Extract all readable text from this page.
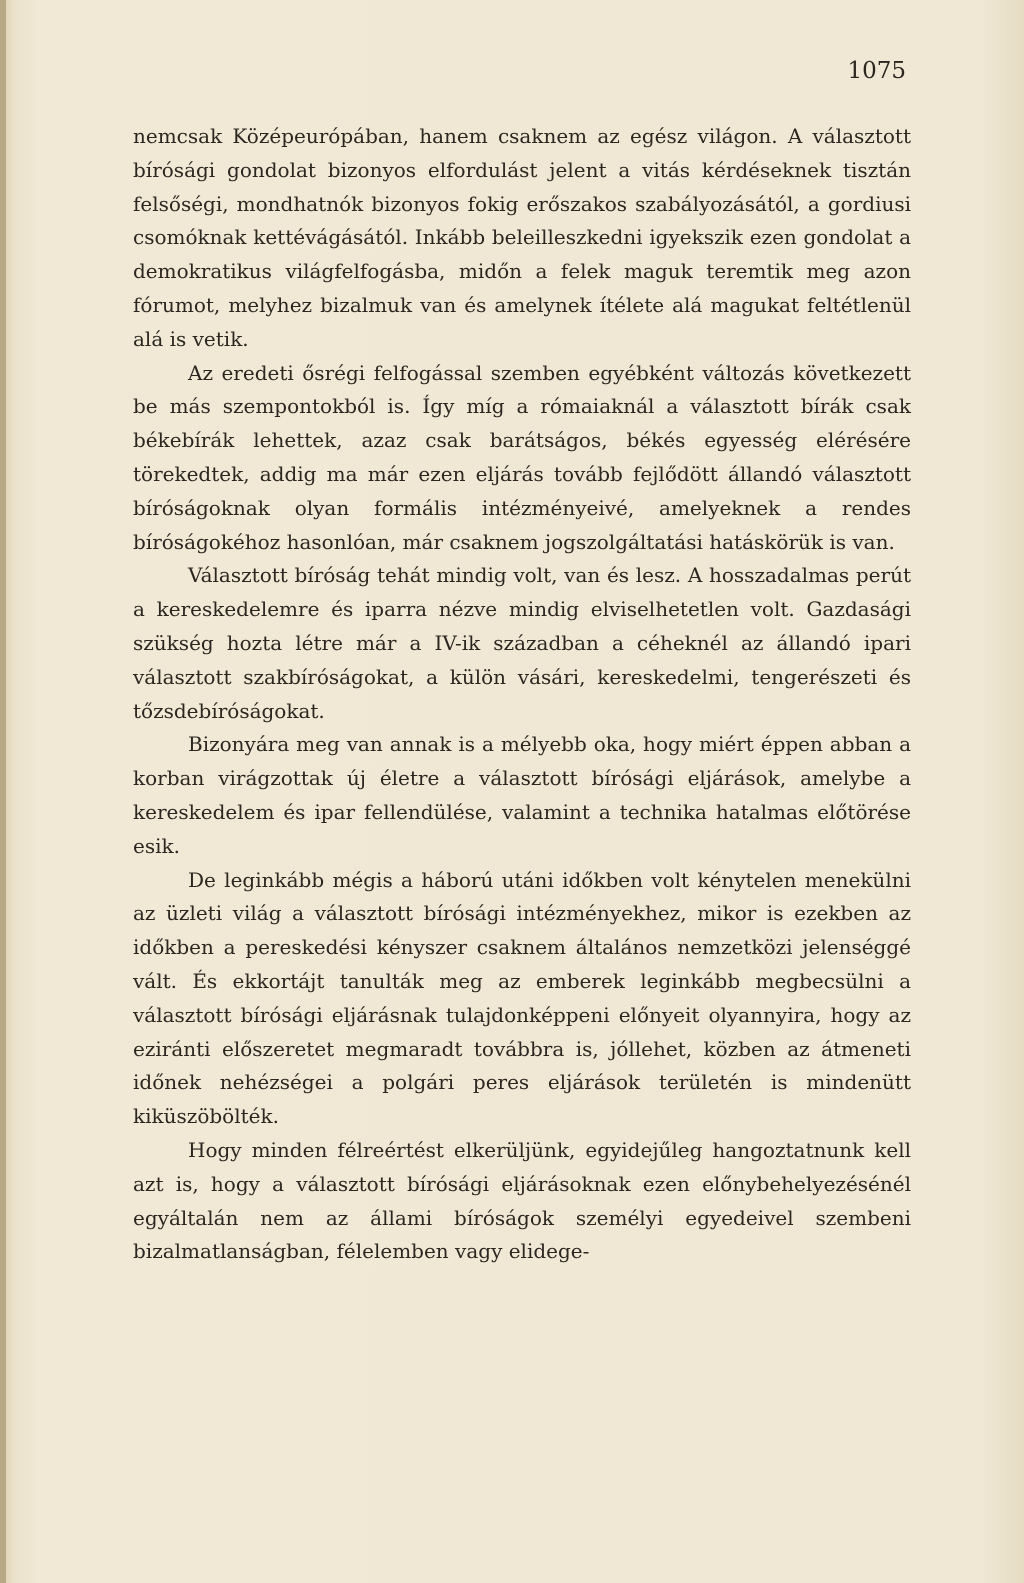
1075

nemcsak Középeurópában, hanem csaknem az egész világon. A választott bírósági gondolat bizonyos elfordulást jelent a vitás kérdéseknek tisztán felsőségi, mondhatnók bizonyos fokig erőszakos szabályozásától, a gordiusi csomóknak kettévágásától. Inkább beleilleszkedni igyekszik ezen gondolat a demokratikus világfelfogásba, midőn a felek maguk teremtik meg azon fórumot, melyhez bizalmuk van és amelynek ítélete alá magukat feltétlenül alá is vetik.

Az eredeti ősrégi felfogással szemben egyébként változás következett be más szempontokból is. Így míg a rómaiaknál a választott bírák csak békebírák lehettek, azaz csak barátságos, békés egyesség elérésére törekedtek, addig ma már ezen eljárás tovább fejlődött állandó választott bíróságoknak olyan formális intézményeivé, amelyeknek a rendes bíróságokéhoz hasonlóan, már csaknem jogszolgáltatási hatáskörük is van.

Választott bíróság tehát mindig volt, van és lesz. A hosszadalmas perút a kereskedelemre és iparra nézve mindig elviselhetetlen volt. Gazdasági szükség hozta létre már a IV-ik században a céheknél az állandó ipari választott szakbíróságokat, a külön vásári, kereskedelmi, tengerészeti és tőzsdebíróságokat.

Bizonyára meg van annak is a mélyebb oka, hogy miért éppen abban a korban virágzottak új életre a választott bírósági eljárások, amelybe a kereskedelem és ipar fellendülése, valamint a technika hatalmas előtörése esik.

De leginkább mégis a háború utáni időkben volt kénytelen menekülni az üzleti világ a választott bírósági intézményekhez, mikor is ezekben az időkben a pereskedési kényszer csaknem általános nemzetközi jelenséggé vált. És ekkortájt tanulták meg az emberek leginkább megbecsülni a választott bírósági eljárásnak tulajdonképpeni előnyeit olyannyira, hogy az eziránti előszeretet megmaradt továbbra is, jóllehet, közben az átmeneti időnek nehézségei a polgári peres eljárások területén is mindenütt kiküszöbölték.

Hogy minden félreértést elkerüljünk, egyidejűleg hangoztatnunk kell azt is, hogy a választott bírósági eljárásoknak ezen előnybehelyezésénél egyáltalán nem az állami bíróságok személyi egyedeivel szembeni bizalmatlanságban, félelemben vagy elidege-
